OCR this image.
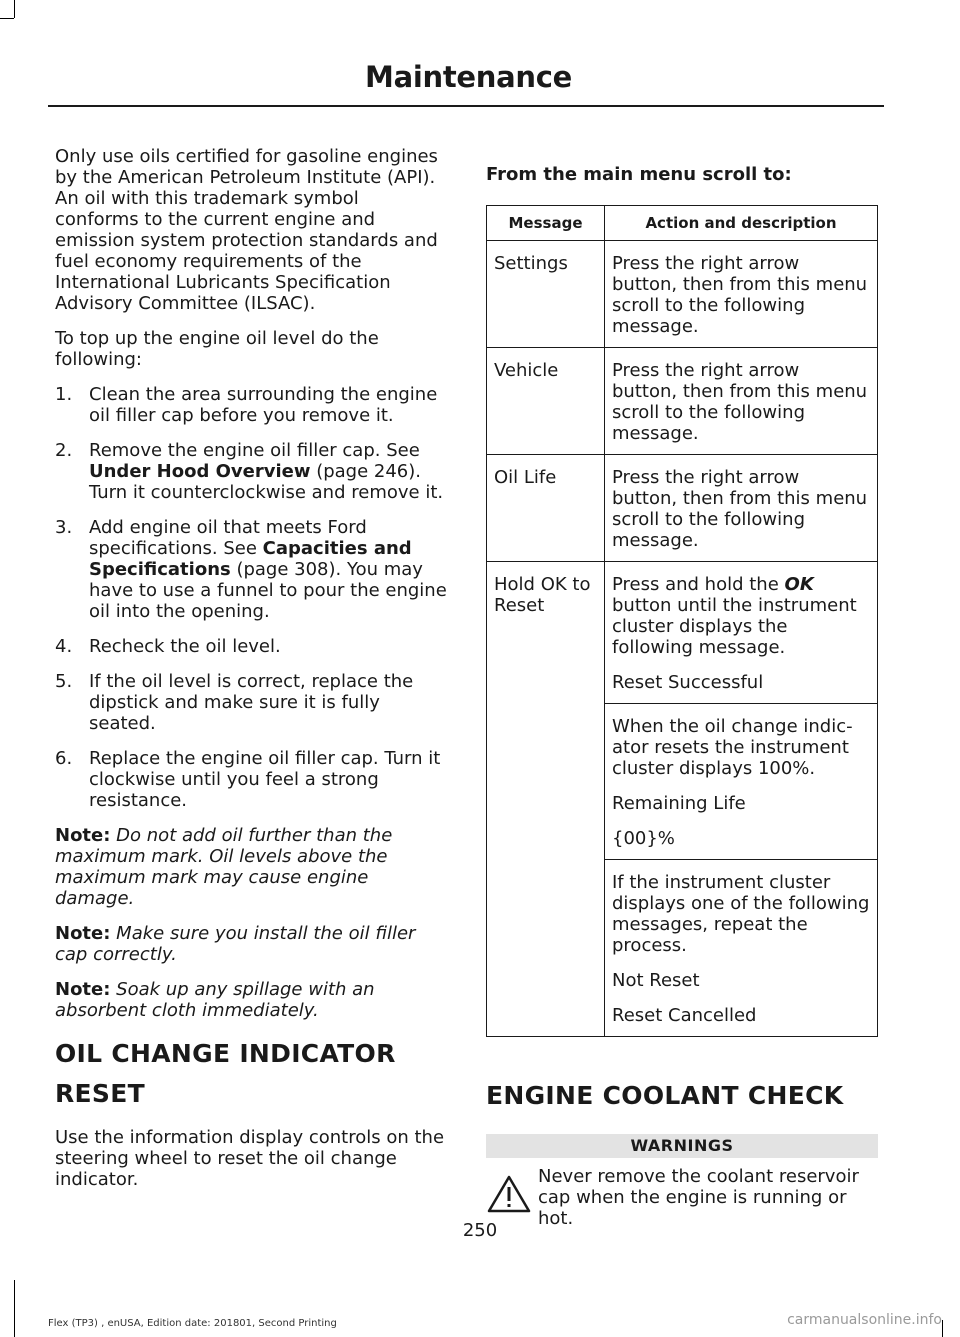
Maintenance

Only use oils certified for gasoline engines by the American Petroleum Institute (API). An oil with this trademark symbol conforms to the current engine and emission system protection standards and fuel economy requirements of the International Lubricants Specification Advisory Committee (ILSAC).

To top up the engine oil level do the following:

1. Clean the area surrounding the engine oil filler cap before you remove it.
2. Remove the engine oil filler cap. See Under Hood Overview (page 246). Turn it counterclockwise and remove it.
3. Add engine oil that meets Ford specifications. See Capacities and Specifications (page 308). You may have to use a funnel to pour the engine oil into the opening.
4. Recheck the oil level.
5. If the oil level is correct, replace the dipstick and make sure it is fully seated.
6. Replace the engine oil filler cap. Turn it clockwise until you feel a strong resistance.

Note: Do not add oil further than the maximum mark. Oil levels above the maximum mark may cause engine damage.

Note: Make sure you install the oil filler cap correctly.

Note: Soak up any spillage with an absorbent cloth immediately.

OIL CHANGE INDICATOR
RESET

Use the information display controls on the steering wheel to reset the oil change indicator.

From the main menu scroll to:
Message	Action and description
Settings	Press the right arrow button, then from this menu scroll to the following message.
Vehicle	Press the right arrow button, then from this menu scroll to the following message.
Oil Life	Press the right arrow button, then from this menu scroll to the following message.
Hold OK to Reset	Press and hold the OK button until the instrument cluster displays the following message.

Reset Successful

	When the oil change indic-ator resets the instrument cluster displays 100%.

Remaining Life

{00}%

	If the instrument cluster displays one of the following messages, repeat the process.

Not Reset

Reset Cancelled

ENGINE COOLANT CHECK
WARNINGS
Never remove the coolant reservoir cap when the engine is running or hot.
250
Flex (TP3) , enUSA, Edition date: 201801, Second Printing	carmanualsonline.info
